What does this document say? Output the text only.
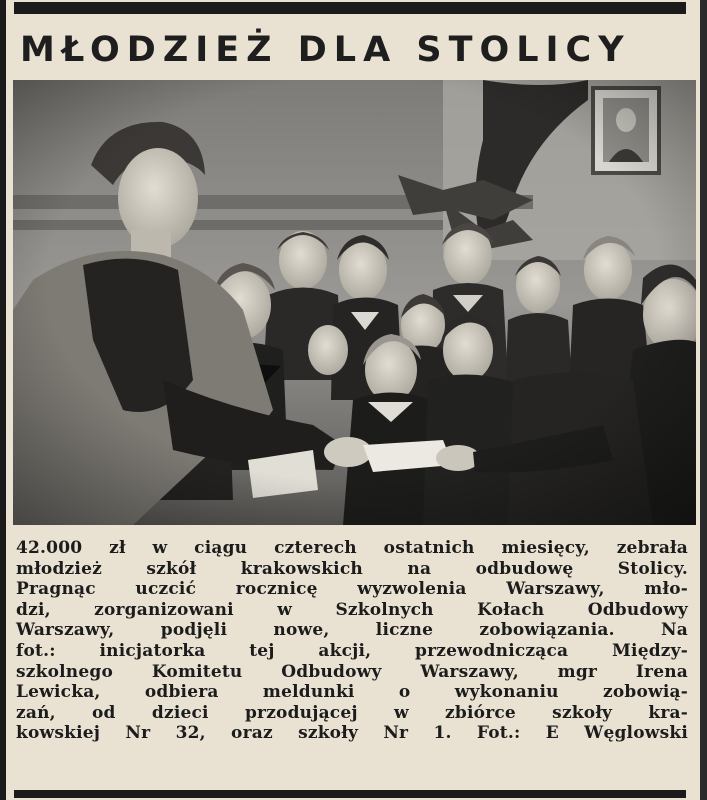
MŁODZIEŻ DLA STOLICY
42.000 zł w ciągu czterech ostatnich miesięcy, zebrała
młodzież szkół krakowskich na odbudowę Stolicy.
Pragnąc uczcić rocznicę wyzwolenia Warszawy, mło-
dzi, zorganizowani w Szkolnych Kołach Odbudowy
Warszawy, podjęli nowe, liczne zobowiązania. Na
fot.: inicjatorka tej akcji, przewodnicząca Między-
szkolnego Komitetu Odbudowy Warszawy, mgr Irena
Lewicka, odbiera meldunki o wykonaniu zobowią-
zań, od dzieci przodującej w zbiórce szkoły kra-
kowskiej Nr 32, oraz szkoły Nr 1. Fot.: E Węglowski
